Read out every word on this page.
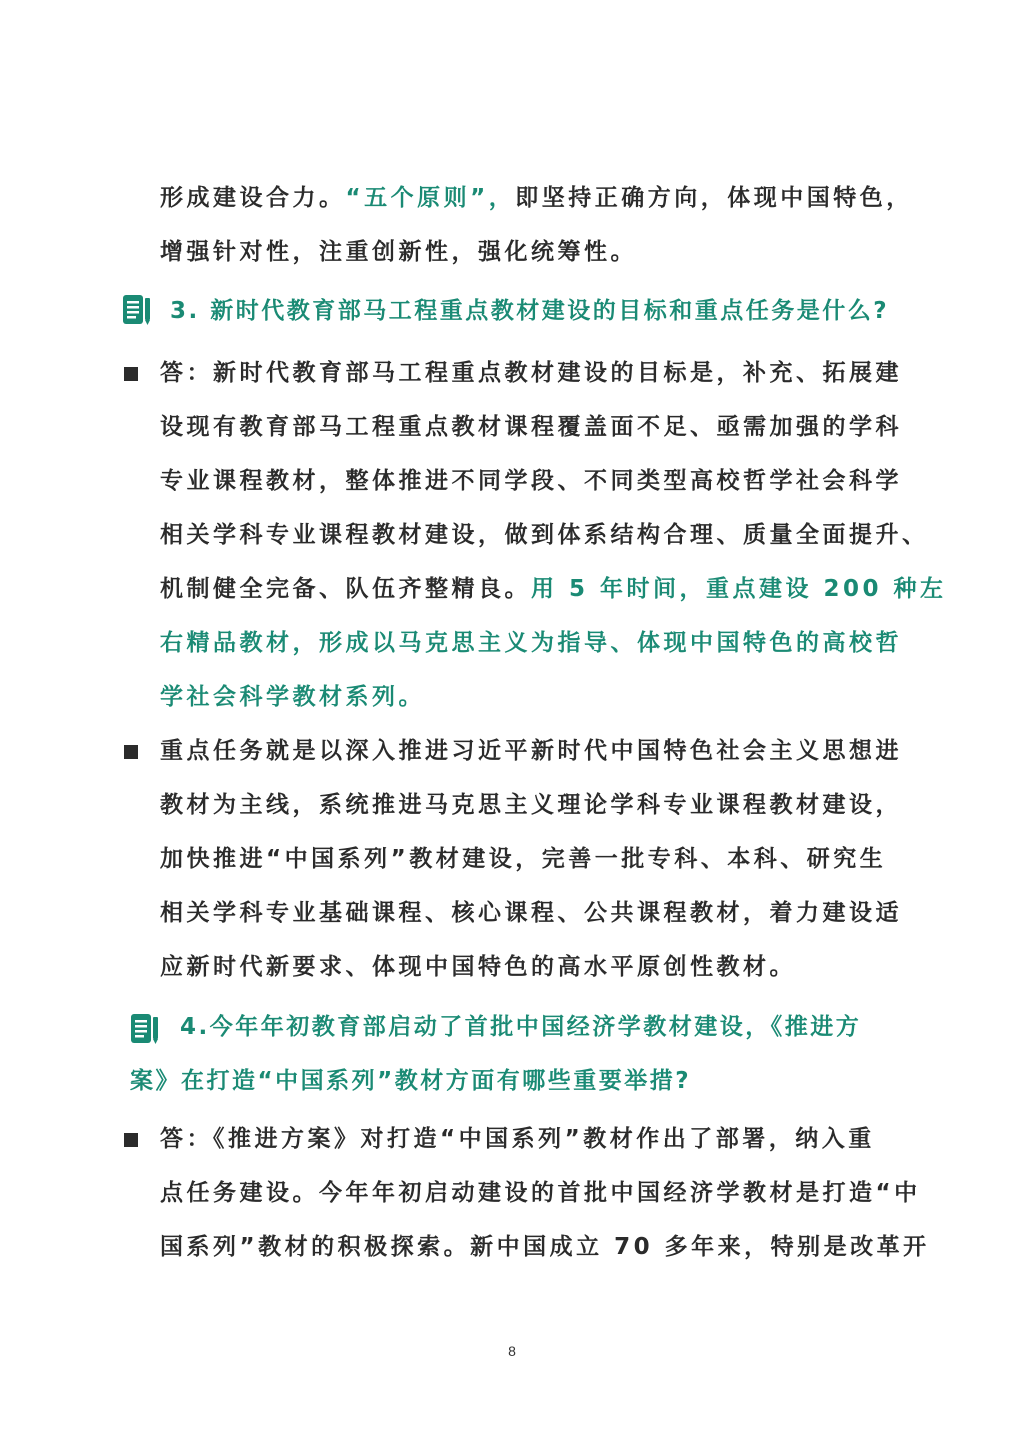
形成建设合力。“五个原则”，即坚持正确方向，体现中国特色，
增强针对性，注重创新性，强化统筹性。
3. 新时代教育部马工程重点教材建设的目标和重点任务是什么?
答：新时代教育部马工程重点教材建设的目标是，补充、拓展建
设现有教育部马工程重点教材课程覆盖面不足、亟需加强的学科
专业课程教材，整体推进不同学段、不同类型高校哲学社会科学
相关学科专业课程教材建设，做到体系结构合理、质量全面提升、
机制健全完备、队伍齐整精良。用 5 年时间，重点建设 200 种左
右精品教材，形成以马克思主义为指导、体现中国特色的高校哲
学社会科学教材系列。
重点任务就是以深入推进习近平新时代中国特色社会主义思想进
教材为主线，系统推进马克思主义理论学科专业课程教材建设，
加快推进“中国系列”教材建设，完善一批专科、本科、研究生
相关学科专业基础课程、核心课程、公共课程教材，着力建设适
应新时代新要求、体现中国特色的高水平原创性教材。
4.今年年初教育部启动了首批中国经济学教材建设，《推进方
案》在打造“中国系列”教材方面有哪些重要举措?
答：《推进方案》对打造“中国系列”教材作出了部署，纳入重
点任务建设。今年年初启动建设的首批中国经济学教材是打造“中
国系列”教材的积极探索。新中国成立 70 多年来，特别是改革开
8
